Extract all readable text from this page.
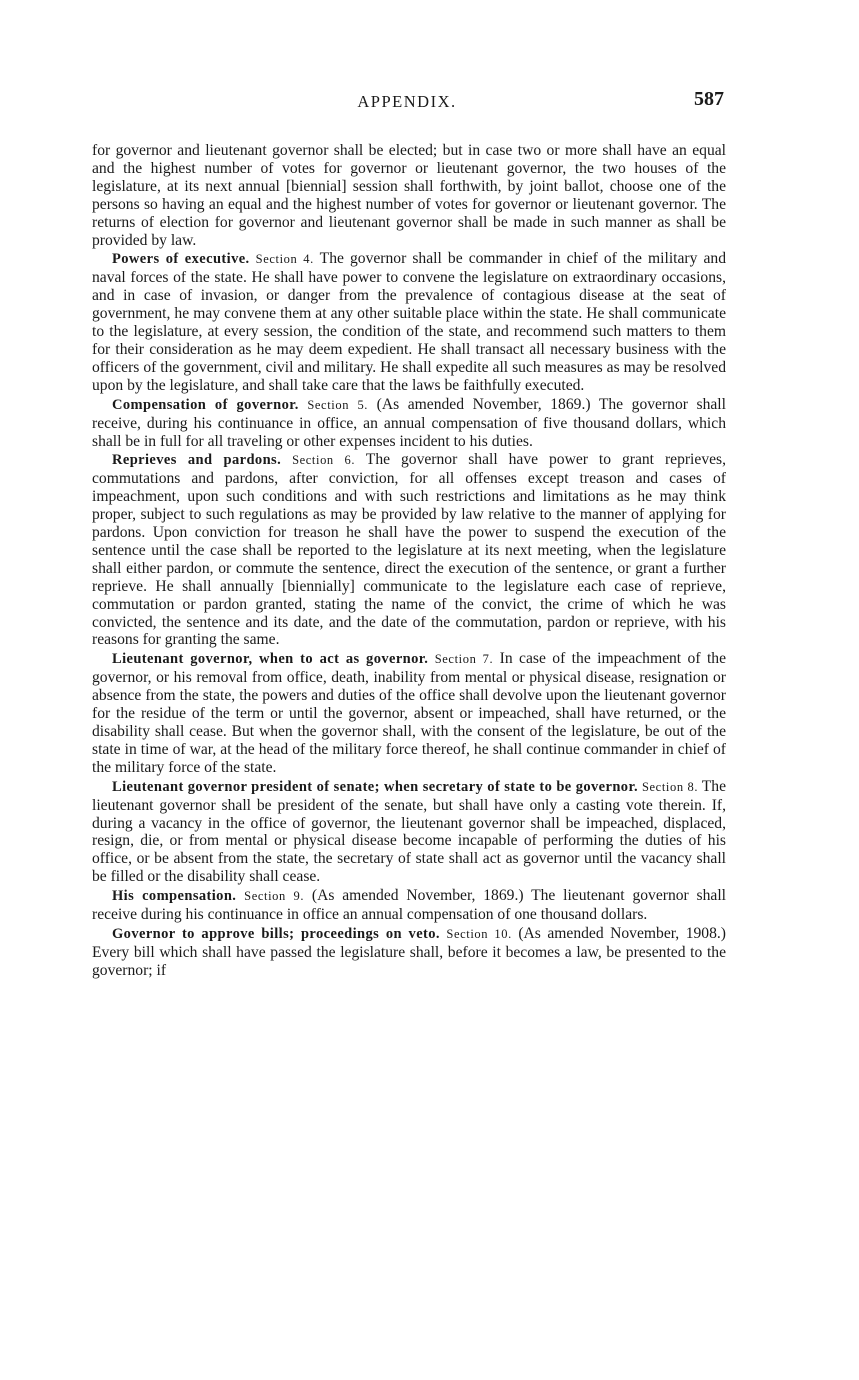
APPENDIX.	587

for governor and lieutenant governor shall be elected; but in case two or more shall have an equal and the highest number of votes for governor or lieutenant governor, the two houses of the legislature, at its next annual [biennial] session shall forthwith, by joint ballot, choose one of the persons so having an equal and the highest number of votes for governor or lieutenant governor. The returns of election for governor and lieutenant governor shall be made in such manner as shall be provided by law.

Powers of executive. Section 4. The governor shall be commander in chief of the military and naval forces of the state. He shall have power to convene the legislature on extraordinary occasions, and in case of invasion, or danger from the prevalence of contagious disease at the seat of government, he may convene them at any other suitable place within the state. He shall communicate to the legislature, at every session, the condition of the state, and recommend such matters to them for their consideration as he may deem expedient. He shall transact all necessary business with the officers of the government, civil and military. He shall expedite all such measures as may be resolved upon by the legislature, and shall take care that the laws be faithfully executed.

Compensation of governor. Section 5. (As amended November, 1869.) The governor shall receive, during his continuance in office, an annual compensation of five thousand dollars, which shall be in full for all traveling or other expenses incident to his duties.

Reprieves and pardons. Section 6. The governor shall have power to grant reprieves, commutations and pardons, after conviction, for all offenses except treason and cases of impeachment, upon such conditions and with such restrictions and limitations as he may think proper, subject to such regulations as may be provided by law relative to the manner of applying for pardons. Upon conviction for treason he shall have the power to suspend the execution of the sentence until the case shall be reported to the legislature at its next meeting, when the legislature shall either pardon, or commute the sentence, direct the execution of the sentence, or grant a further reprieve. He shall annually [biennially] communicate to the legislature each case of reprieve, commutation or pardon granted, stating the name of the convict, the crime of which he was convicted, the sentence and its date, and the date of the commutation, pardon or reprieve, with his reasons for granting the same.

Lieutenant governor, when to act as governor. Section 7. In case of the impeachment of the governor, or his removal from office, death, inability from mental or physical disease, resignation or absence from the state, the powers and duties of the office shall devolve upon the lieutenant governor for the residue of the term or until the governor, absent or impeached, shall have returned, or the disability shall cease. But when the governor shall, with the consent of the legislature, be out of the state in time of war, at the head of the military force thereof, he shall continue commander in chief of the military force of the state.

Lieutenant governor president of senate; when secretary of state to be governor. Section 8. The lieutenant governor shall be president of the senate, but shall have only a casting vote therein. If, during a vacancy in the office of governor, the lieutenant governor shall be impeached, displaced, resign, die, or from mental or physical disease become incapable of performing the duties of his office, or be absent from the state, the secretary of state shall act as governor until the vacancy shall be filled or the disability shall cease.

His compensation. Section 9. (As amended November, 1869.) The lieutenant governor shall receive during his continuance in office an annual compensation of one thousand dollars.

Governor to approve bills; proceedings on veto. Section 10. (As amended November, 1908.) Every bill which shall have passed the legislature shall, before it becomes a law, be presented to the governor; if
